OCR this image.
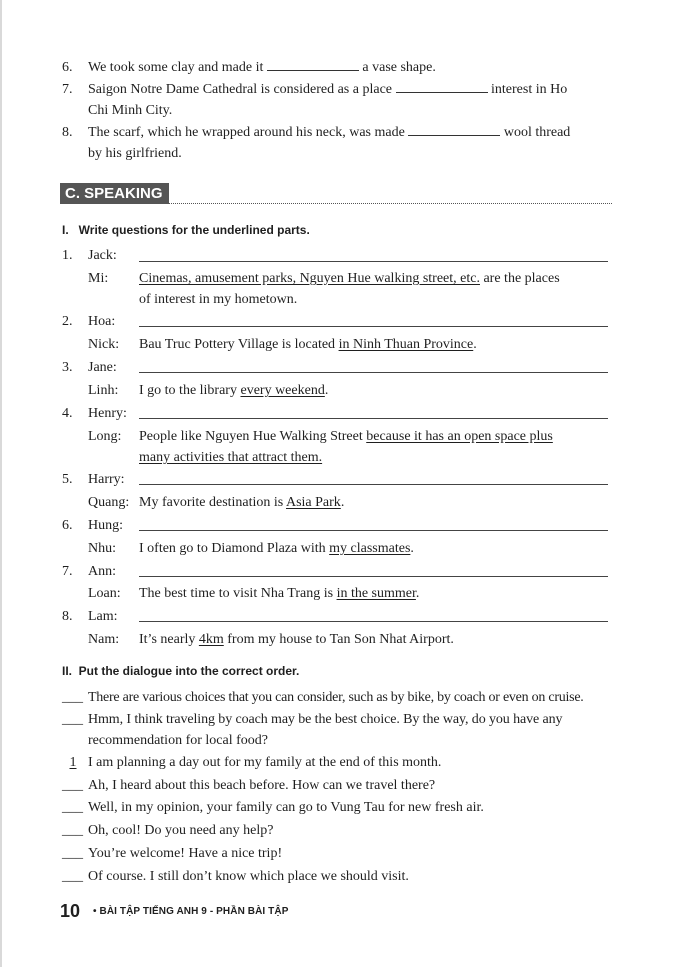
6. We took some clay and made it	a vase shape.
7. Saigon Notre Dame Cathedral is considered as a place	interest in Ho
Chi Minh City.
8. The scarf, which he wrapped around his neck, was made	wool thread
by his girlfriend.
C. SPEAKING
I.   Write questions for the underlined parts.
1. Jack:
Mi: Cinemas, amusement parks, Nguyen Hue walking street, etc. are the places
of interest in my hometown.
2. Hoa:
Nick: Bau Truc Pottery Village is located in Ninh Thuan Province.
3. Jane:
Linh: I go to the library every weekend.
4. Henry:
Long: People like Nguyen Hue Walking Street because it has an open space plus
many activities that attract them.
5. Harry:
Quang: My favorite destination is Asia Park.
6. Hung:
Nhu: I often go to Diamond Plaza with my classmates.
7. Ann:
Loan: The best time to visit Nha Trang is in the summer.
8. Lam:
Nam: It’s nearly 4km from my house to Tan Son Nhat Airport.
II.  Put the dialogue into the correct order.
___ There are various choices that you can consider, such as by bike, by coach or even on cruise.
___ Hmm, I think traveling by coach may be the best choice. By the way, do you have any
recommendation for local food?
1 I am planning a day out for my family at the end of this month.
___ Ah, I heard about this beach before. How can we travel there?
___ Well, in my opinion, your family can go to Vung Tau for new fresh air.
___ Oh, cool! Do you need any help?
___ You’re welcome! Have a nice trip!
___ Of course. I still don’t know which place we should visit.
10 • BÀI TẬP TIẾNG ANH 9 - PHẦN BÀI TẬP
